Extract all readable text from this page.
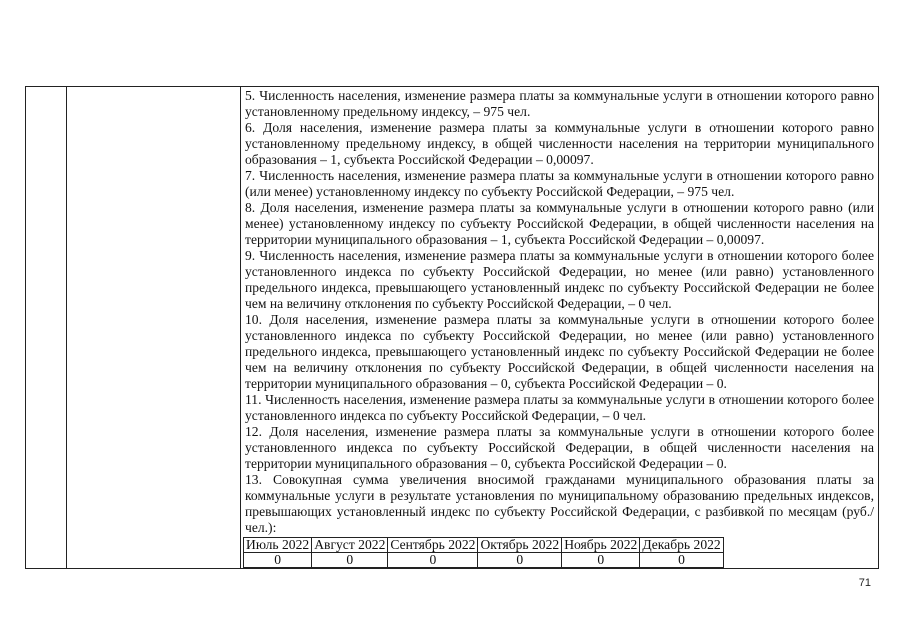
5. Численность населения, изменение размера платы за коммунальные услуги в отношении которого равно установленному предельному индексу, – 975 чел.

6. Доля населения, изменение размера платы за коммунальные услуги в отношении которого равно установленному предельному индексу, в общей численности населения на территории муниципального образования – 1, субъекта Российской Федерации – 0,00097.

7. Численность населения, изменение размера платы за коммунальные услуги в отношении которого равно (или менее) установленному индексу по субъекту Российской Федерации, – 975 чел.

8. Доля населения, изменение размера платы за коммунальные услуги в отношении которого равно (или менее) установленному индексу по субъекту Российской Федерации, в общей численности населения на территории муниципального образования – 1, субъекта Российской Федерации – 0,00097.

9. Численность населения, изменение размера платы за коммунальные услуги в отношении которого более установленного индекса по субъекту Российской Федерации, но менее (или равно) установленного предельного индекса, превышающего установленный индекс по субъекту Российской Федерации не более чем на величину отклонения по субъекту Российской Федерации, – 0 чел.

10. Доля населения, изменение размера платы за коммунальные услуги в отношении которого более установленного индекса по субъекту Российской Федерации, но менее (или равно) установленного предельного индекса, превышающего установленный индекс по субъекту Российской Федерации не более чем на величину отклонения по субъекту Российской Федерации, в общей численности населения на территории муниципального образования – 0, субъекта Российской Федерации – 0.

11. Численность населения, изменение размера платы за коммунальные услуги в отношении которого более установленного индекса по субъекту Российской Федерации, – 0 чел.

12. Доля населения, изменение размера платы за коммунальные услуги в отношении которого более установленного индекса по субъекту Российской Федерации, в общей численности населения на территории муниципального образования – 0, субъекта Российской Федерации – 0.

13. Совокупная сумма увеличения вносимой гражданами муниципального образования платы за коммунальные услуги в результате установления по муниципальному образованию предельных индексов, превышающих установленный индекс по субъекту Российской Федерации, с разбивкой по месяцам (руб./чел.):

Июль 2022	Август 2022	Сентябрь 2022	Октябрь 2022	Ноябрь 2022	Декабрь 2022
0	0	0	0	0	0
71
